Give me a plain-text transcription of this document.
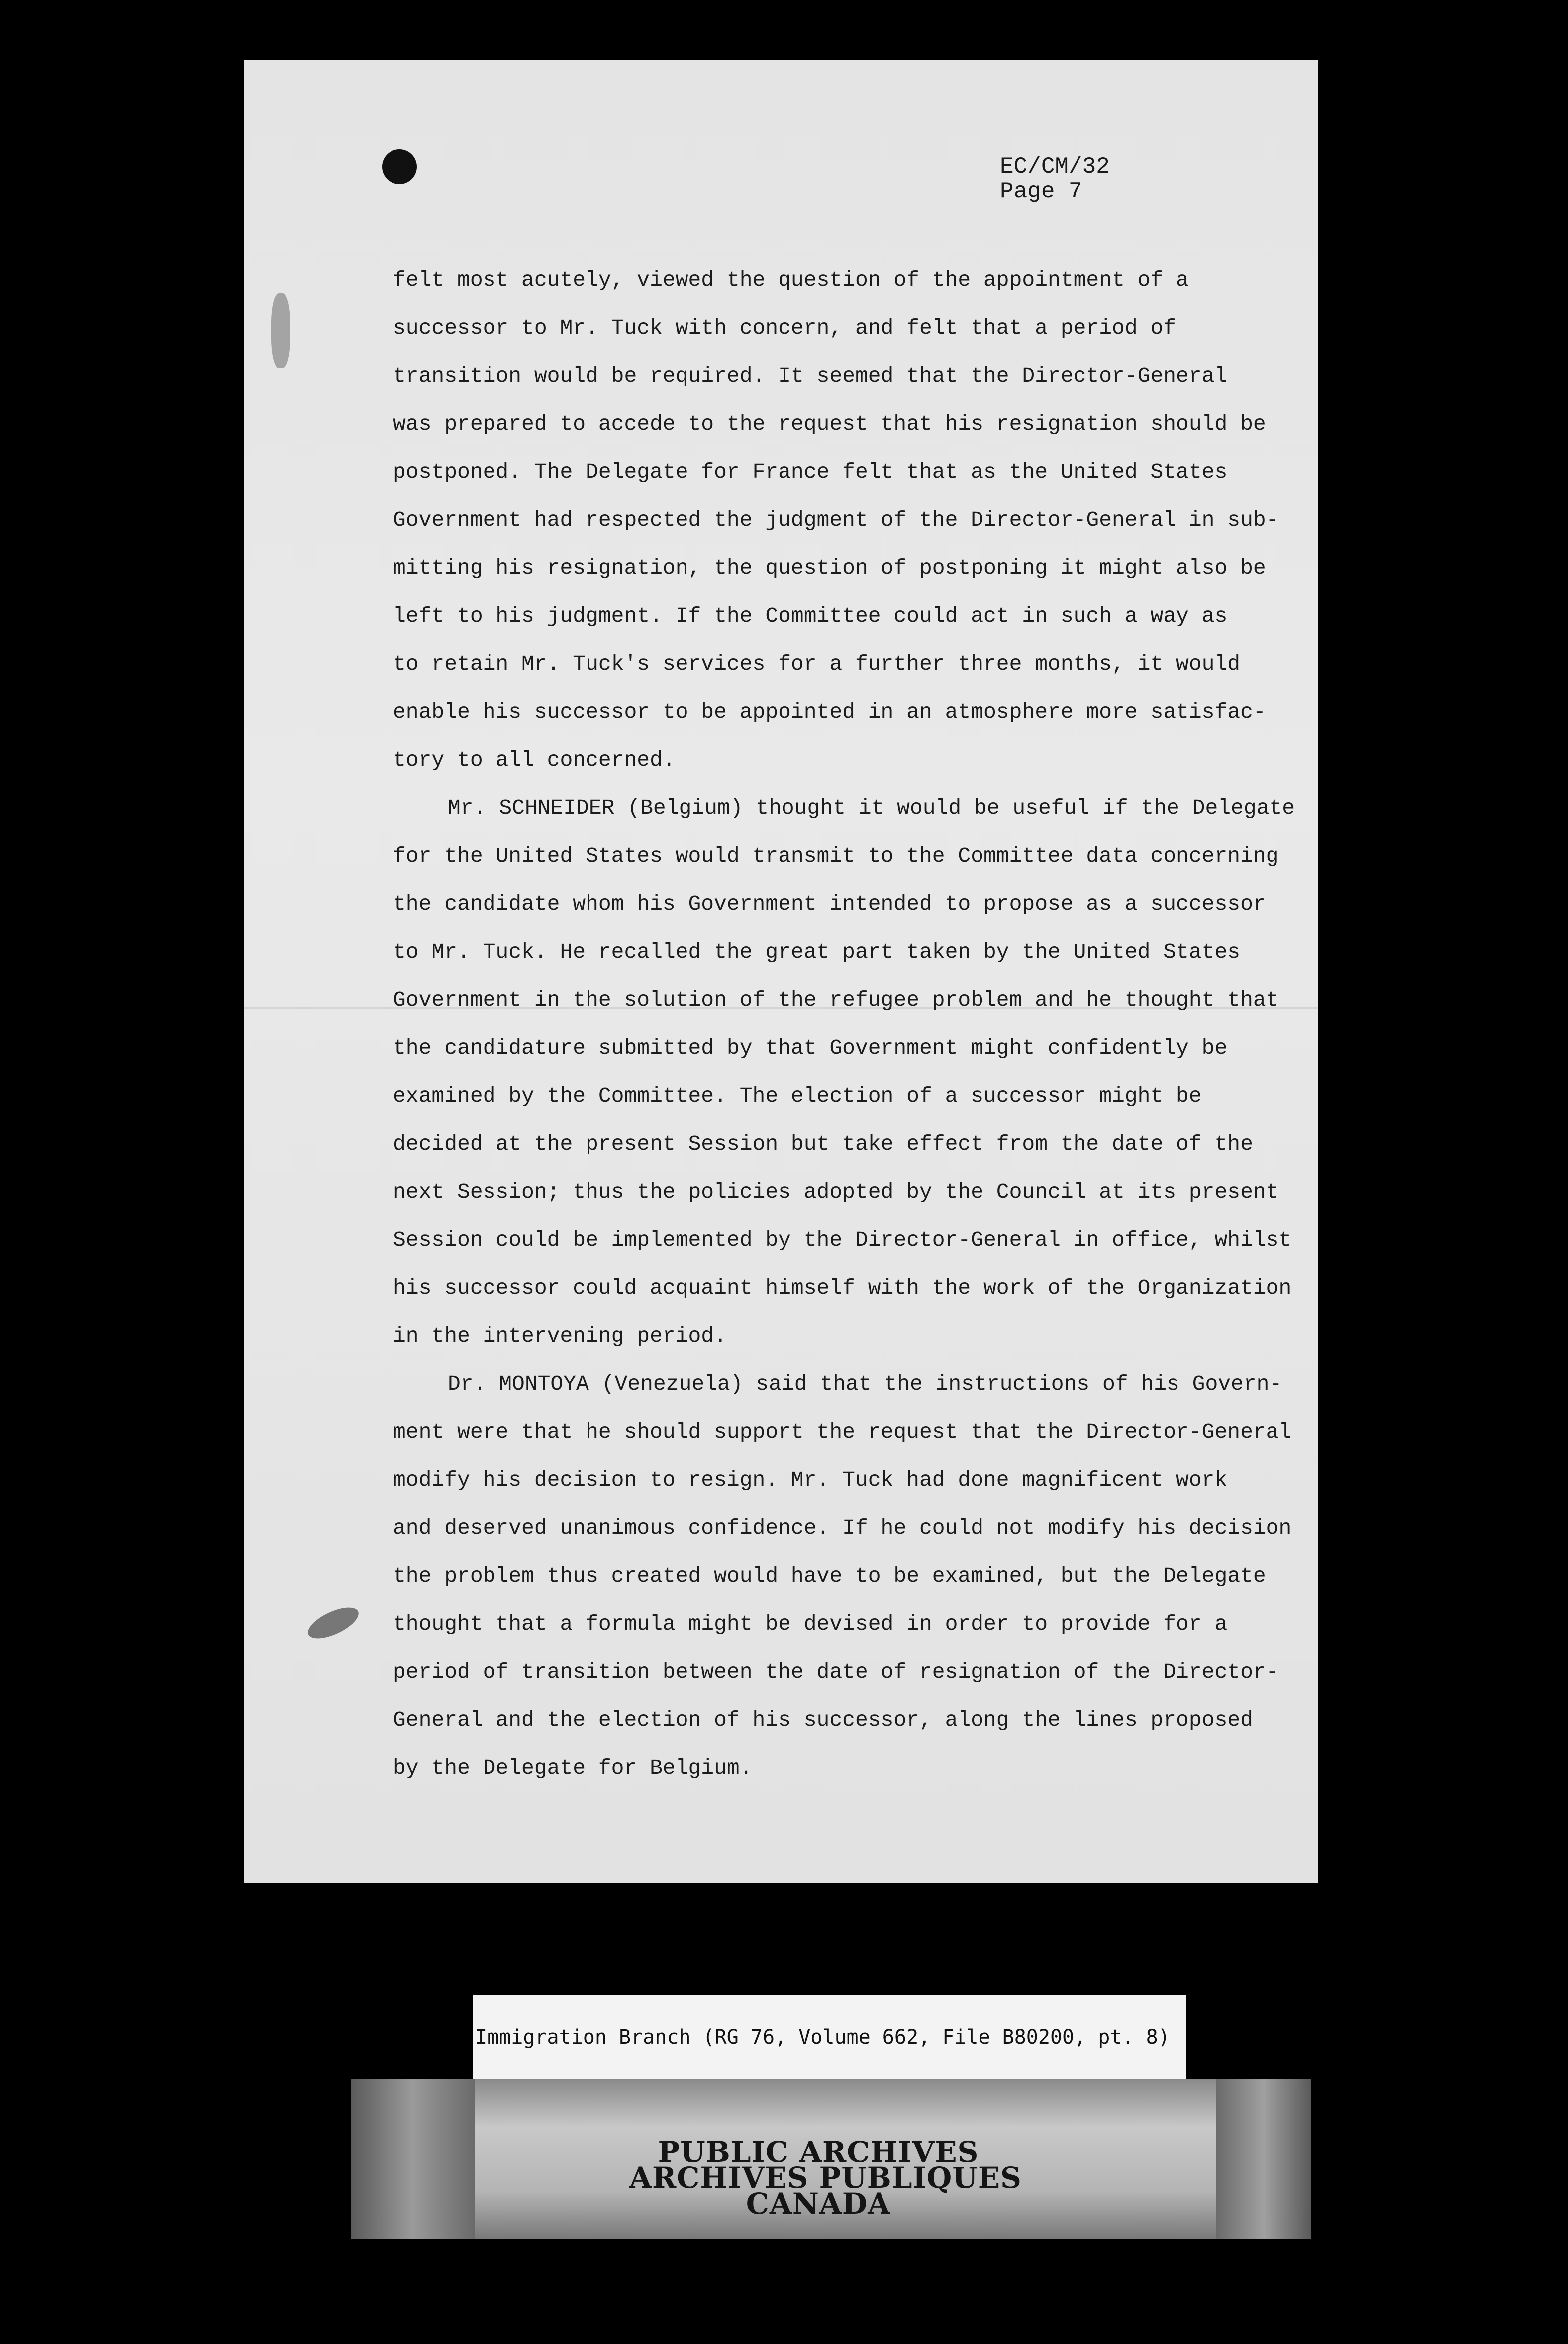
EC/CM/32
Page 7
felt most acutely, viewed the question of the appointment of a
successor to Mr. Tuck with concern, and felt that a period of
transition would be required. It seemed that the Director-General
was prepared to accede to the request that his resignation should be
postponed. The Delegate for France felt that as the United States
Government had respected the judgment of the Director-General in sub-
mitting his resignation, the question of postponing it might also be
left to his judgment. If the Committee could act in such a way as
to retain Mr. Tuck's services for a further three months, it would
enable his successor to be appointed in an atmosphere more satisfac-
tory to all concerned.
Mr. SCHNEIDER (Belgium) thought it would be useful if the Delegate
for the United States would transmit to the Committee data concerning
the candidate whom his Government intended to propose as a successor
to Mr. Tuck. He recalled the great part taken by the United States
Government in the solution of the refugee problem and he thought that
the candidature submitted by that Government might confidently be
examined by the Committee. The election of a successor might be
decided at the present Session but take effect from the date of the
next Session; thus the policies adopted by the Council at its present
Session could be implemented by the Director-General in office, whilst
his successor could acquaint himself with the work of the Organization
in the intervening period.
Dr. MONTOYA (Venezuela) said that the instructions of his Govern-
ment were that he should support the request that the Director-General
modify his decision to resign. Mr. Tuck had done magnificent work
and deserved unanimous confidence. If he could not modify his decision
the problem thus created would have to be examined, but the Delegate
thought that a formula might be devised in order to provide for a
period of transition between the date of resignation of the Director-
General and the election of his successor, along the lines proposed
by the Delegate for Belgium.
Immigration Branch (RG 76, Volume 662, File B80200, pt. 8)
PUBLIC ARCHIVES
ARCHIVES PUBLIQUES
CANADA
